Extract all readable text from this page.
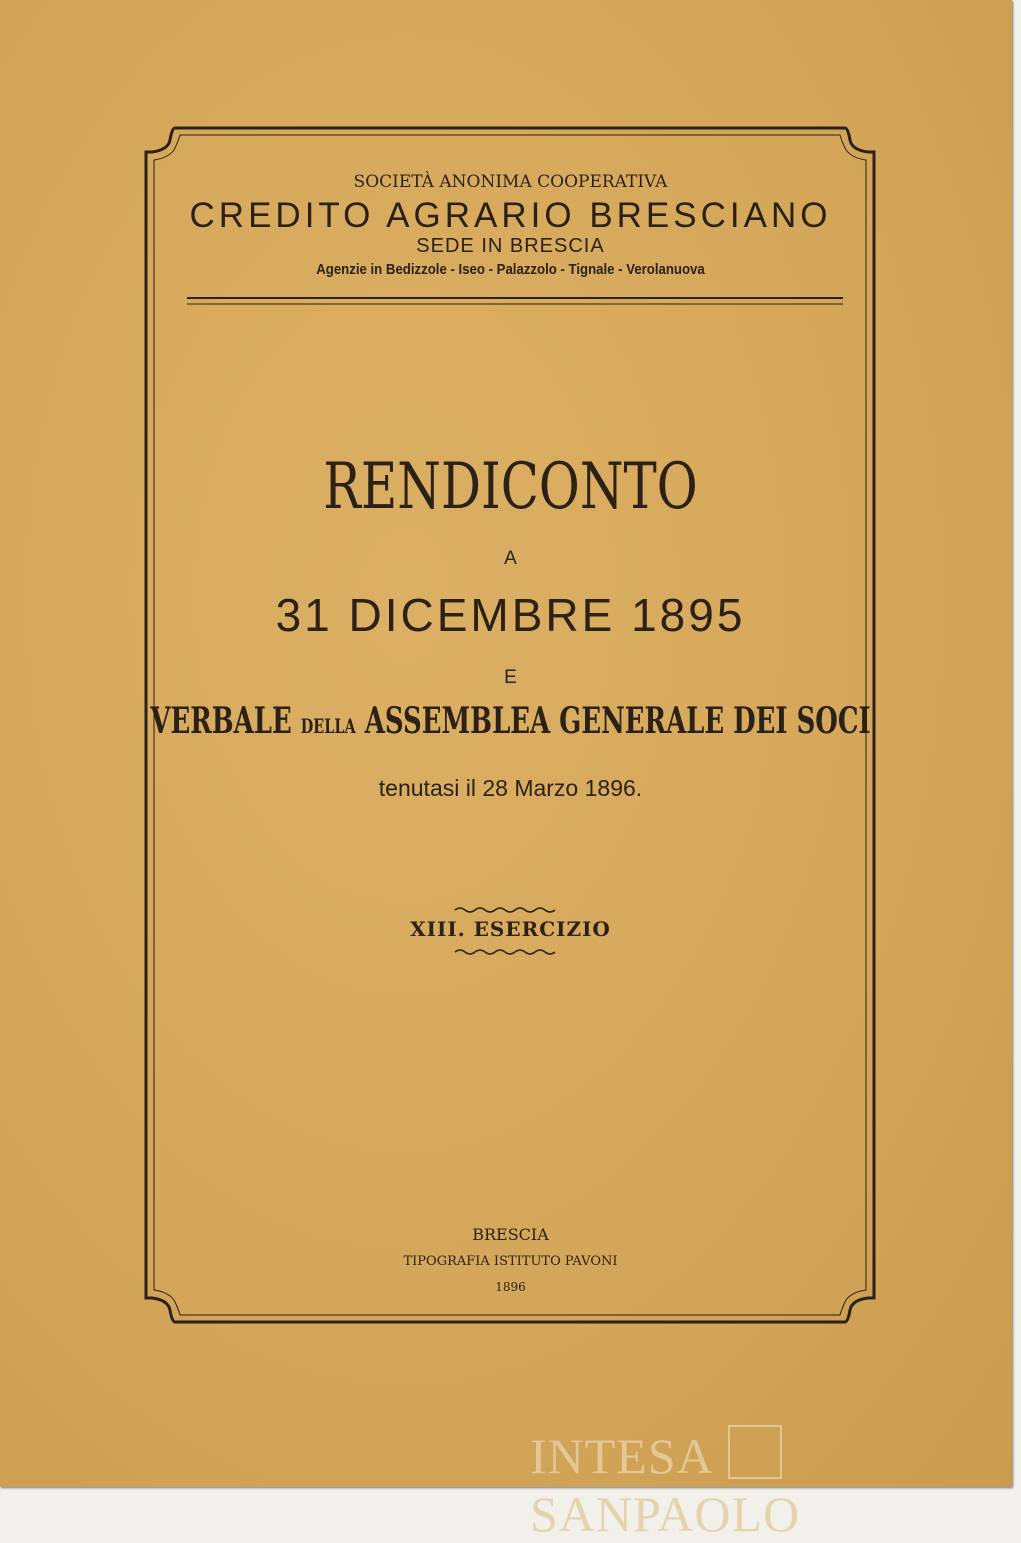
SOCIETÀ ANONIMA COOPERATIVA
CREDITO AGRARIO BRESCIANO
SEDE IN BRESCIA
Agenzie in Bedizzole - Iseo - Palazzolo - Tignale - Verolanuova
RENDICONTO
A
31 DICEMBRE 1895
E
VERBALE DELLA ASSEMBLEA GENERALE DEI SOCI
tenutasi il 28 Marzo 1896.
XIII. ESERCIZIO
BRESCIA
TIPOGRAFIA ISTITUTO PAVONI
1896
INTESASANPAOLO
